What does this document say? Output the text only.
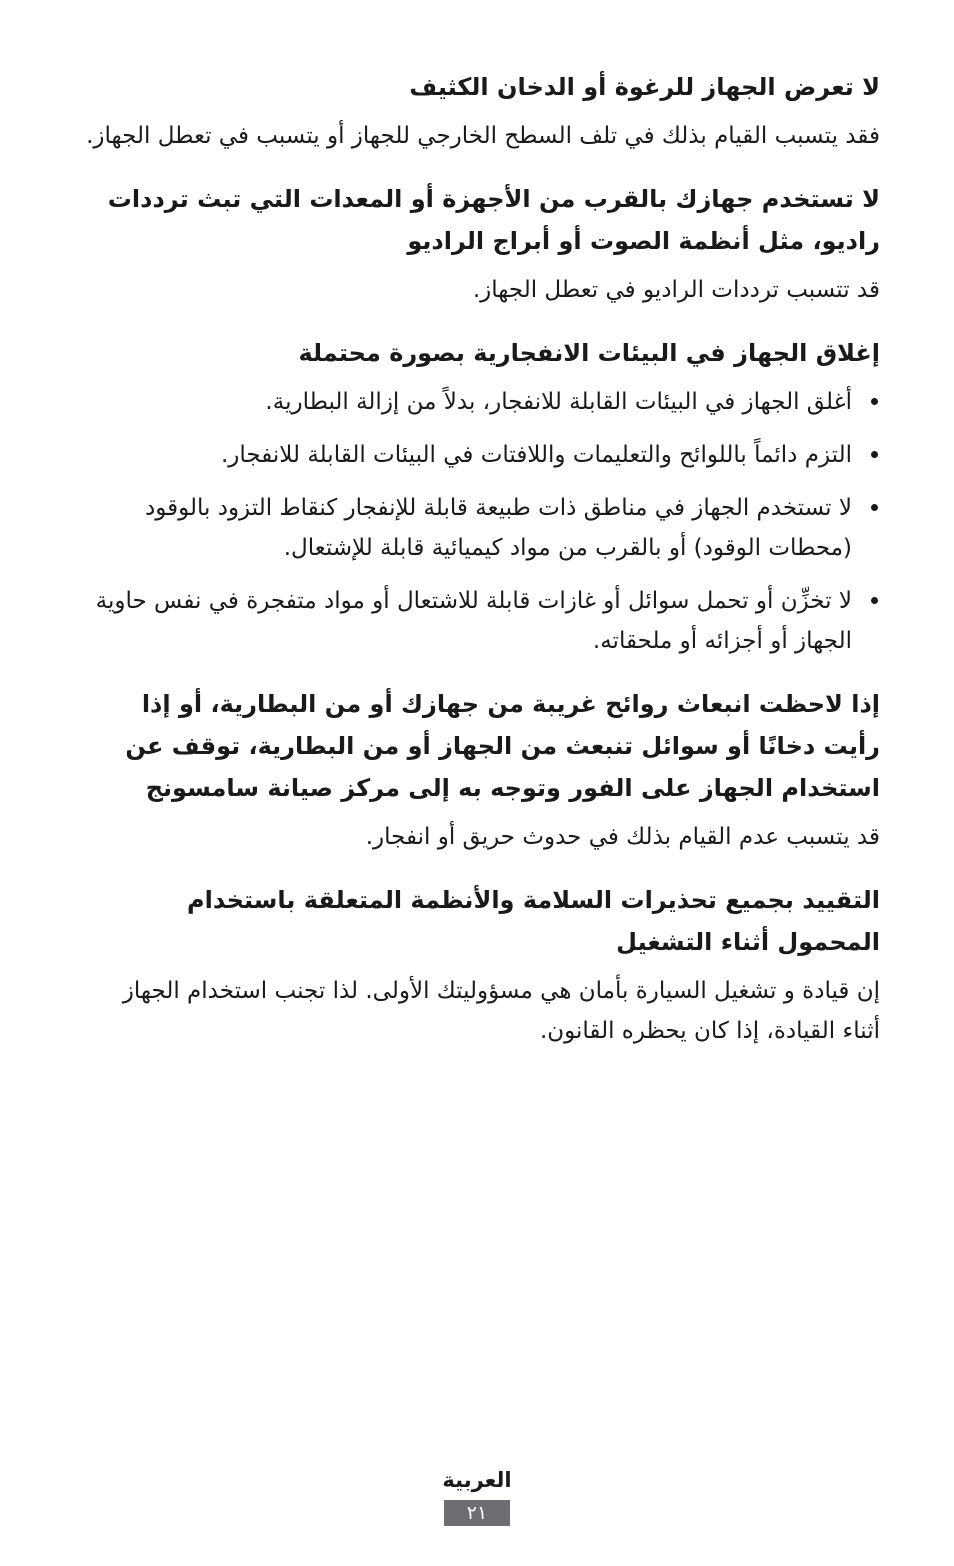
لا تعرض الجهاز للرغوة أو الدخان الكثيف

فقد يتسبب القيام بذلك في تلف السطح الخارجي للجهاز أو يتسبب في تعطل الجهاز.

لا تستخدم جهازك بالقرب من الأجهزة أو المعدات التي تبث ترددات راديو، مثل أنظمة الصوت أو أبراج الراديو

قد تتسبب ترددات الراديو في تعطل الجهاز.

إغلاق الجهاز في البيئات الانفجارية بصورة محتملة

أغلق الجهاز في البيئات القابلة للانفجار، بدلاً من إزالة البطارية.
التزم دائماً باللوائح والتعليمات واللافتات في البيئات القابلة للانفجار.
لا تستخدم الجهاز في مناطق ذات طبيعة قابلة للإنفجار كنقاط التزود بالوقود (محطات الوقود) أو بالقرب من مواد كيميائية قابلة للإشتعال.
لا تخزِّن أو تحمل سوائل أو غازات قابلة للاشتعال أو مواد متفجرة في نفس حاوية الجهاز أو أجزائه أو ملحقاته.

إذا لاحظت انبعاث روائح غريبة من جهازك أو من البطارية، أو إذا رأيت دخانًا أو سوائل تنبعث من الجهاز أو من البطارية، توقف عن استخدام الجهاز على الفور وتوجه به إلى مركز صيانة سامسونج

قد يتسبب عدم القيام بذلك في حدوث حريق أو انفجار.

التقييد بجميع تحذيرات السلامة والأنظمة المتعلقة باستخدام المحمول أثناء التشغيل

إن قيادة و تشغيل السيارة بأمان هي مسؤوليتك الأولى. لذا تجنب استخدام الجهاز أثناء القيادة، إذا كان يحظره القانون.

العربية
٢١
